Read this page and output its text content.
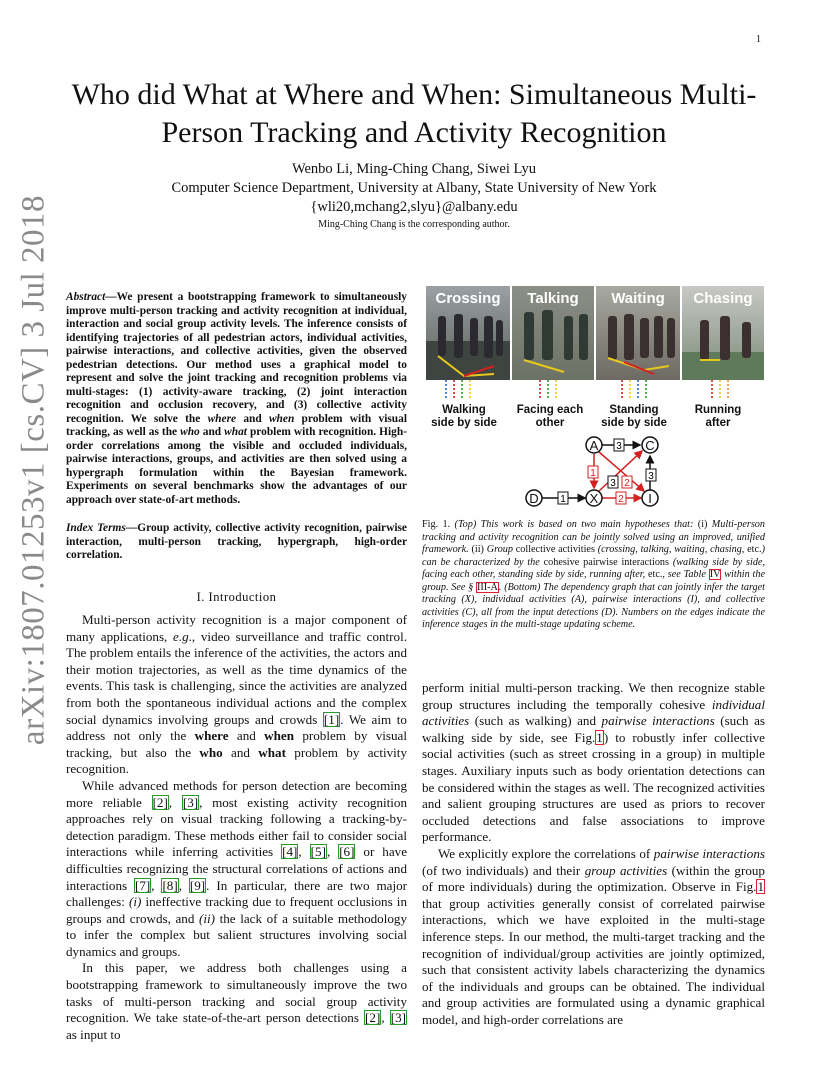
1
arXiv:1807.01253v1 [cs.CV] 3 Jul 2018
Who did What at Where and When: Simultaneous Multi-Person Tracking and Activity Recognition
Wenbo Li, Ming-Ching Chang, Siwei Lyu
Computer Science Department, University at Albany, State University of New York
{wli20,mchang2,slyu}@albany.edu
Ming-Ching Chang is the corresponding author.
Abstract—We present a bootstrapping framework to simultaneously improve multi-person tracking and activity recognition at individual, interaction and social group activity levels. The inference consists of identifying trajectories of all pedestrian actors, individual activities, pairwise interactions, and collective activities, given the observed pedestrian detections. Our method uses a graphical model to represent and solve the joint tracking and recognition problems via multi-stages: (1) activity-aware tracking, (2) joint interaction recognition and occlusion recovery, and (3) collective activity recognition. We solve the where and when problem with visual tracking, as well as the who and what problem with recognition. High-order correlations among the visible and occluded individuals, pairwise interactions, groups, and activities are then solved using a hypergraph formulation within the Bayesian framework. Experiments on several benchmarks show the advantages of our approach over state-of-art methods.
Index Terms—Group activity, collective activity recognition, pairwise interaction, multi-person tracking, hypergraph, high-order correlation.
I. Introduction

Multi-person activity recognition is a major component of many applications, e.g., video surveillance and traffic control. The problem entails the inference of the activities, the actors and their motion trajectories, as well as the time dynamics of the events. This task is challenging, since the activities are analyzed from both the spontaneous individual actions and the complex social dynamics involving groups and crowds [1]. We aim to address not only the where and when problem by visual tracking, but also the who and what problem by activity recognition.

While advanced methods for person detection are becoming more reliable [2], [3], most existing activity recognition approaches rely on visual tracking following a tracking-by-detection paradigm. These methods either fail to consider social interactions while inferring activities [4], [5], [6] or have difficulties recognizing the structural correlations of actions and interactions [7], [8], [9]. In particular, there are two major challenges: (i) ineffective tracking due to frequent occlusions in groups and crowds, and (ii) the lack of a suitable methodology to infer the complex but salient structures involving social dynamics and groups.

In this paper, we address both challenges using a bootstrapping framework to simultaneously improve the two tasks of multi-person tracking and social group activity recognition. We take state-of-the-art person detections [2], [3] as input to

Crossing Talking Waiting Chasing
Walking
side by side
Facing each
other
Standing
side by side
Running
after
A	C
D	X	I
3
1
3 2
3
2
1
Fig. 1. (Top) This work is based on two main hypotheses that: (i) Multi-person tracking and activity recognition can be jointly solved using an improved, unified framework. (ii) Group collective activities (crossing, talking, waiting, chasing, etc.) can be characterized by the cohesive pairwise interactions (walking side by side, facing each other, standing side by side, running after, etc., see Table IV within the group. See § III-A. (Bottom) The dependency graph that can jointly infer the target tracking (X), individual activities (A), pairwise interactions (I), and collective activities (C), all from the input detections (D). Numbers on the edges indicate the inference stages in the multi-stage updating scheme.

perform initial multi-person tracking. We then recognize stable group structures including the temporally cohesive individual activities (such as walking) and pairwise interactions (such as walking side by side, see Fig.1) to robustly infer collective social activities (such as street crossing in a group) in multiple stages. Auxiliary inputs such as body orientation detections can be considered within the stages as well. The recognized activities and salient grouping structures are used as priors to recover occluded detections and false associations to improve performance.

We explicitly explore the correlations of pairwise interactions (of two individuals) and their group activities (within the group of more individuals) during the optimization. Observe in Fig.1 that group activities generally consist of correlated pairwise interactions, which we have exploited in the multi-stage inference steps. In our method, the multi-target tracking and the recognition of individual/group activities are jointly optimized, such that consistent activity labels characterizing the dynamics of the individuals and groups can be obtained. The individual and group activities are formulated using a dynamic graphical model, and high-order correlations are
